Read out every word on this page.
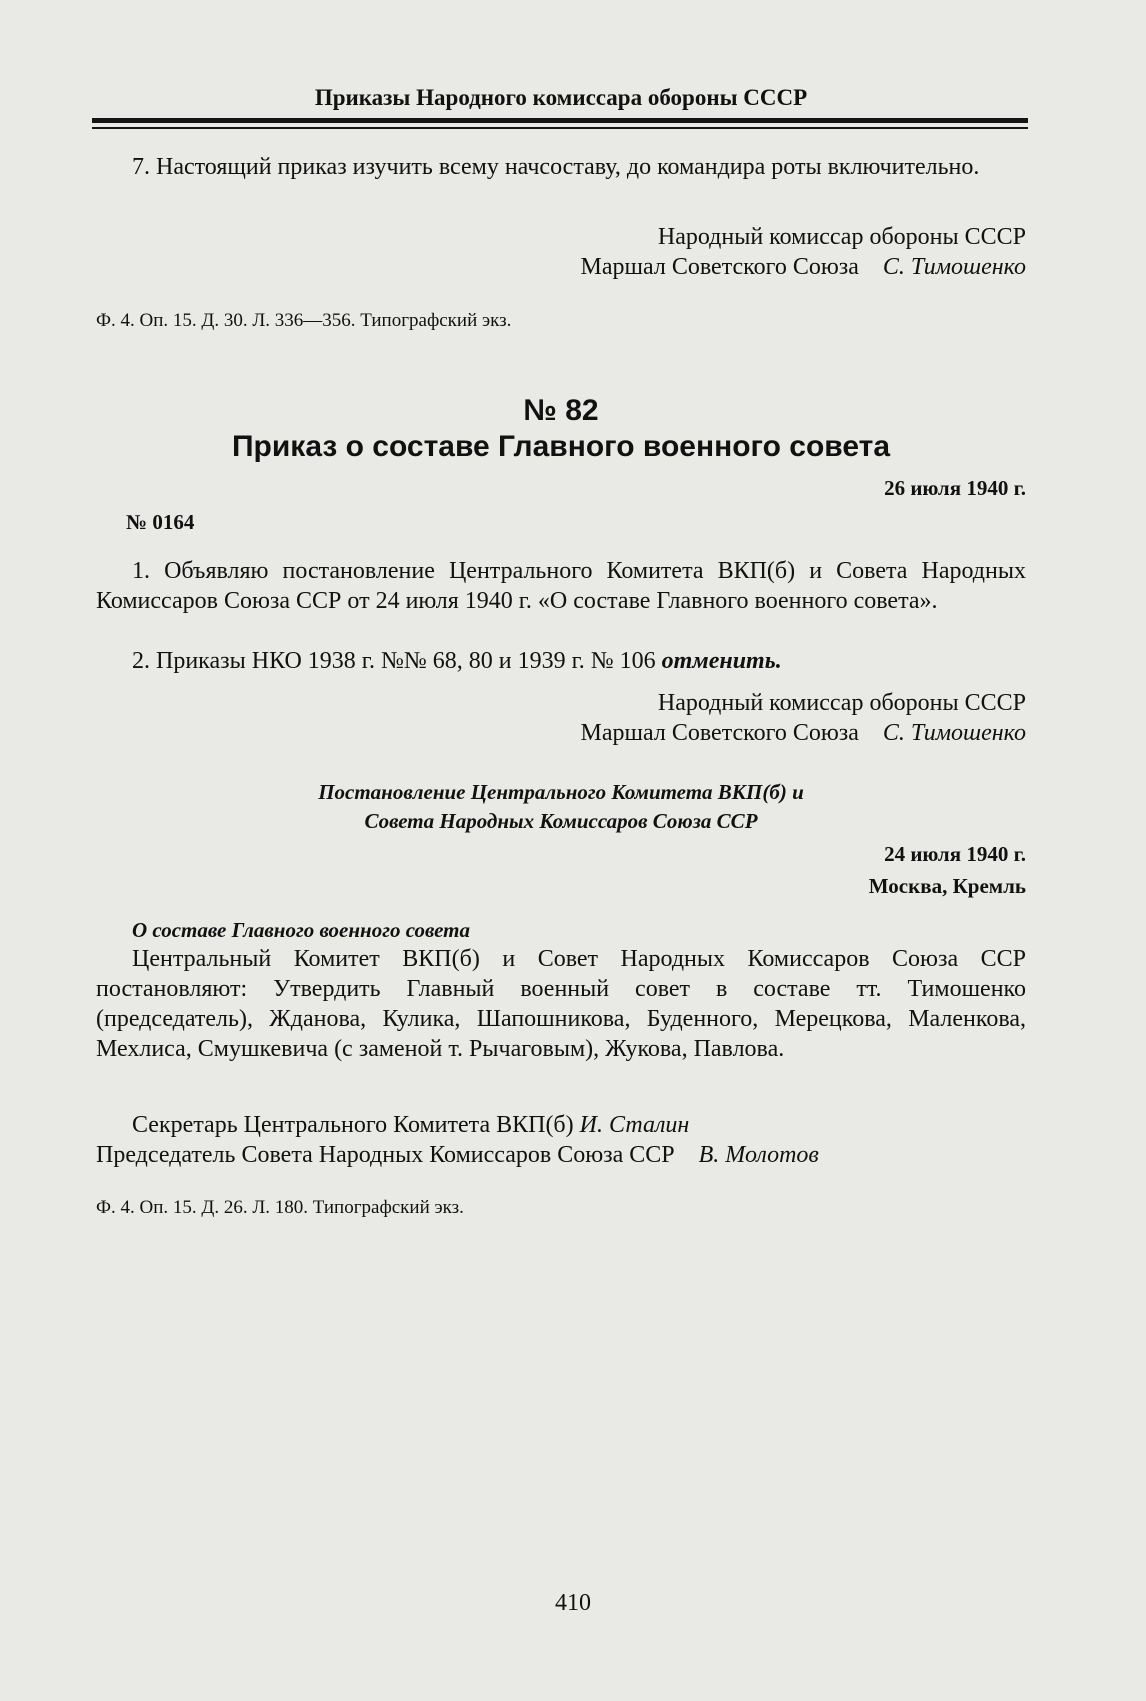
Приказы Народного комиссара обороны СССР

7. Настоящий приказ изучить всему начсоставу, до командира роты включительно.

Народный комиссар обороны СССР

Маршал Советского Союза С. Тимошенко

Ф. 4. Оп. 15. Д. 30. Л. 336—356. Типографский экз.

№ 82
Приказ о составе Главного военного совета
26 июля 1940 г.
№ 0164

1. Объявляю постановление Центрального Комитета ВКП(б) и Совета Народных Комиссаров Союза ССР от 24 июля 1940 г. «О составе Главного военного совета».

2. Приказы НКО 1938 г. №№ 68, 80 и 1939 г. № 106 отменить.

Народный комиссар обороны СССР

Маршал Советского Союза С. Тимошенко

Постановление Центрального Комитета ВКП(б) и

Совета Народных Комиссаров Союза ССР

24 июля 1940 г.
Москва, Кремль

О составе Главного военного совета

Центральный Комитет ВКП(б) и Совет Народных Комиссаров Союза ССР постановляют: Утвердить Главный военный совет в составе тт. Тимошенко (председатель), Жданова, Кулика, Шапошникова, Буденного, Мерецкова, Маленкова, Мехлиса, Смушкевича (с заменой т. Рычаговым), Жукова, Павлова.

Секретарь Центрального Комитета ВКП(б) И. Сталин

Председатель Совета Народных Комиссаров Союза ССР В. Молотов

Ф. 4. Оп. 15. Д. 26. Л. 180. Типографский экз.

410
